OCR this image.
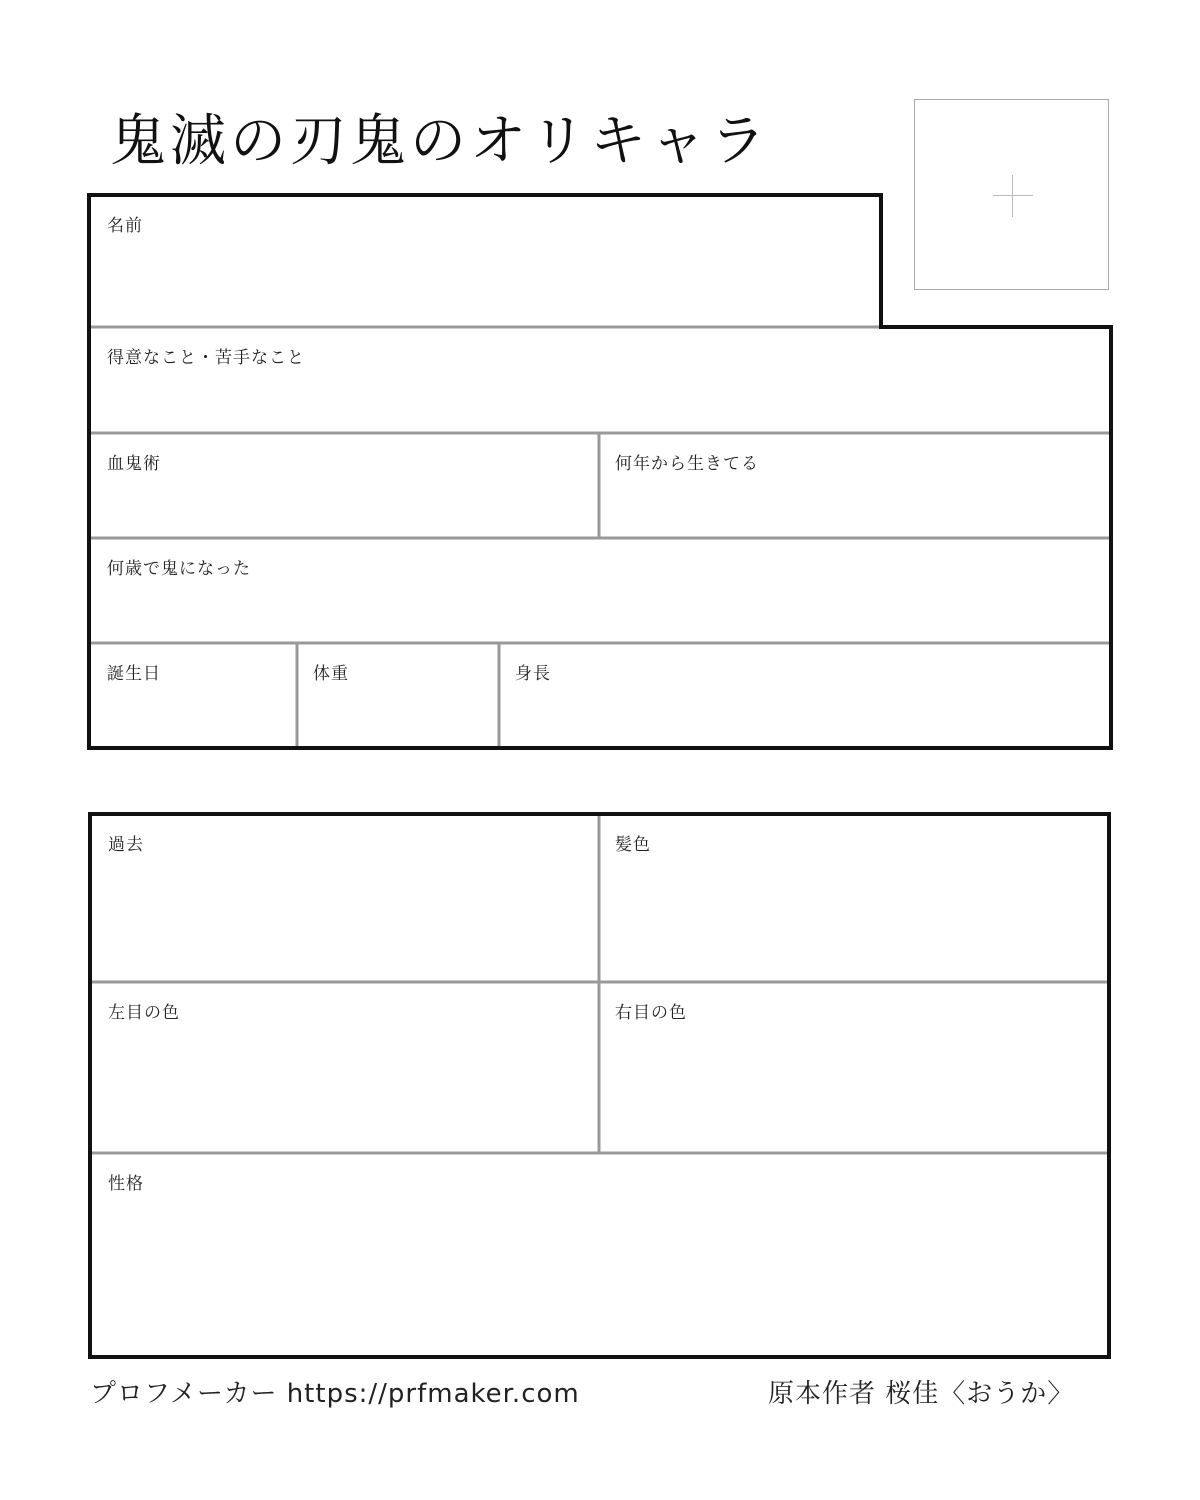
鬼滅の刃鬼のオリキャラ
名前
得意なこと・苦手なこと
血鬼術	何年から生きてる
何歳で鬼になった
誕生日	体重	身長
過去	髪色
左目の色	右目の色
性格
プロフメーカー https://prfmaker.com	原本作者 桜佳〈おうか〉
